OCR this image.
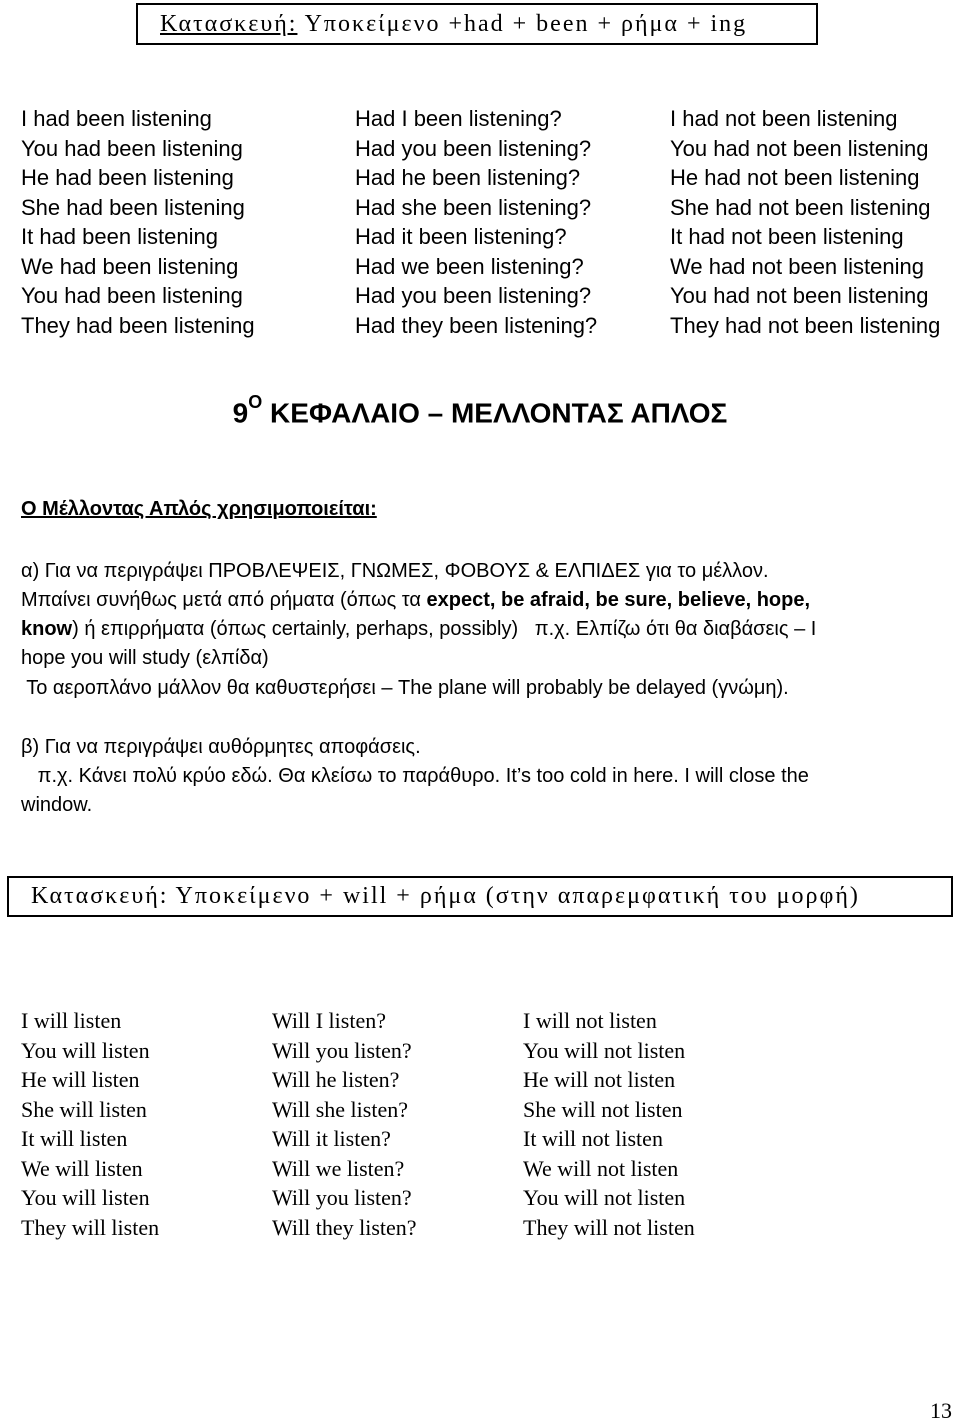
Κατασκευή: Υποκείμενο +had + been + ρήμα + ing
I had been listening	Had I been listening?	I had not been listening
You had been listening	Had you been listening?	You had not been listening
He had been listening	Had he been listening?	He had not been listening
She had been listening	Had she been listening?	She had not been listening
It had been listening	Had it been listening?	It had not been listening
We had been listening	Had we been listening?	We had not been listening
You had been listening	Had you been listening?	You had not been listening
They had been listening	Had they been listening?	They had not been listening
$9^O$ ΚΕΦΑΛΑΙΟ – ΜΕΛΛΟΝΤΑΣ ΑΠΛΟΣ
Ο Μέλλοντας Απλός χρησιμοποιείται:
α) Για να περιγράψει ΠΡΟΒΛΕΨΕΙΣ, ΓΝΩΜΕΣ, ΦΟΒΟΥΣ & ΕΛΠΙΔΕΣ για το μέλλον.
Μπαίνει συνήθως μετά από ρήματα (όπως τα expect, be afraid, be sure, believe, hope,
know) ή επιρρήματα (όπως certainly, perhaps, possibly)   π.χ. Ελπίζω ότι θα διαβάσεις – I
hope you will study (ελπίδα)
Το αεροπλάνο μάλλον θα καθυστερήσει – The plane will probably be delayed (γνώμη).
β) Για να περιγράψει αυθόρμητες αποφάσεις.
π.χ. Κάνει πολύ κρύο εδώ. Θα κλείσω το παράθυρο. It’s too cold in here. I will close the
window.
Κατασκευή: Υποκείμενο + will + ρήμα (στην απαρεμφατική του μορφή)
I will listen	Will I listen?	I will not listen
You will listen	Will you listen?	You will not listen
He will listen	Will he listen?	He will not listen
She will listen	Will she listen?	She will not listen
It will listen	Will it listen?	It will not listen
We will listen	Will we listen?	We will not listen
You will listen	Will you listen?	You will not listen
They will listen	Will they listen?	They will not listen
13
